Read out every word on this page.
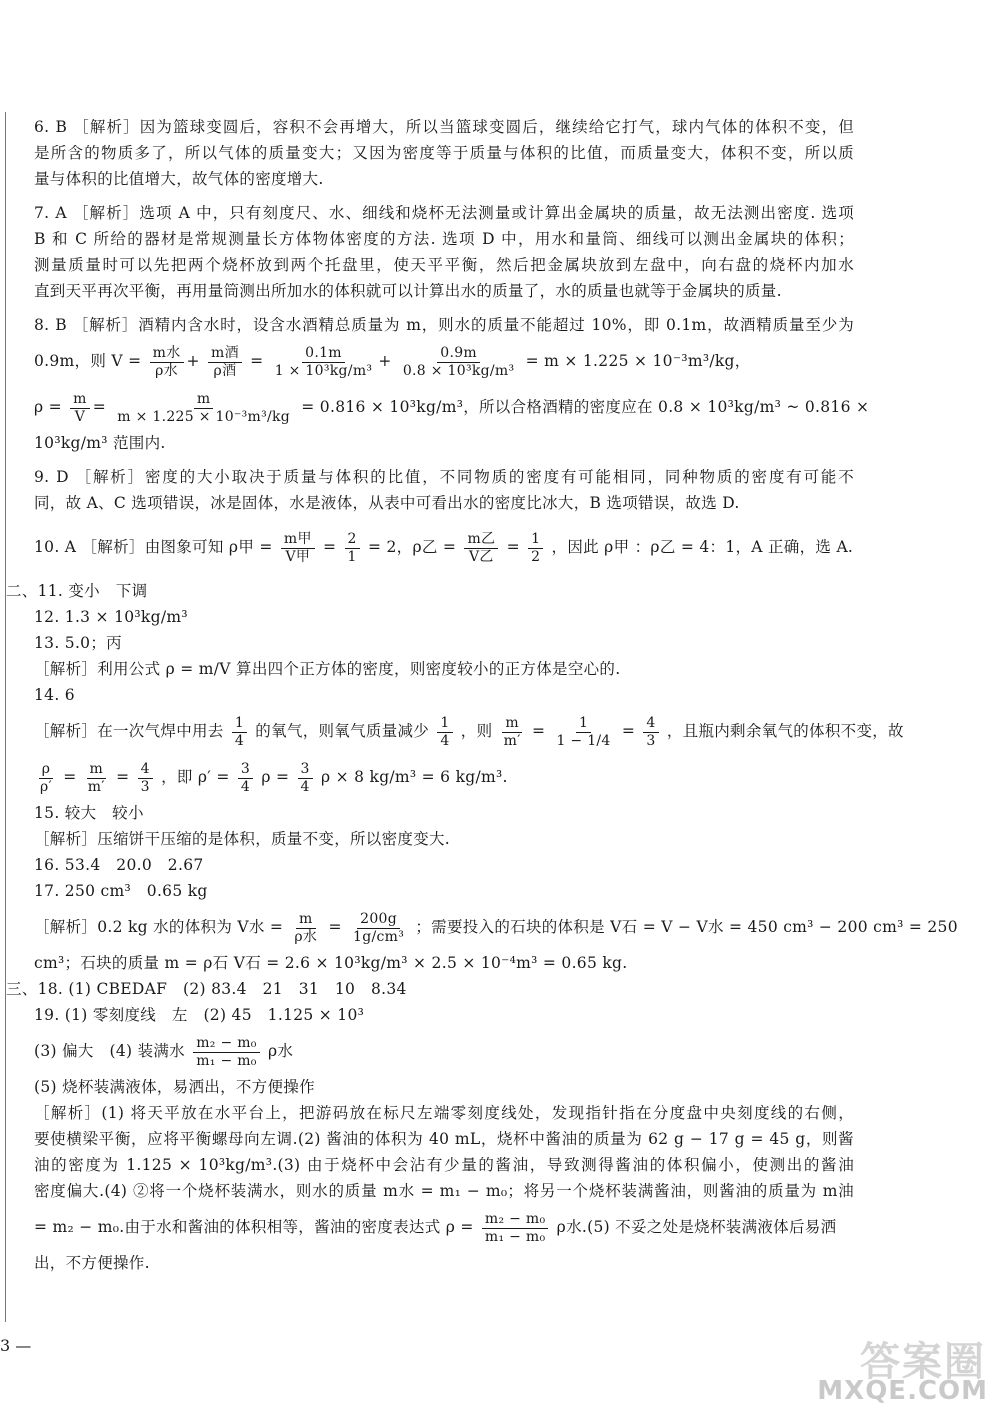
6. B ［解析］因为篮球变圆后，容积不会再增大，所以当篮球变圆后，继续给它打气，球内气体的体积不变，但

是所含的物质多了，所以气体的质量变大；又因为密度等于质量与体积的比值，而质量变大，体积不变，所以质

量与体积的比值增大，故气体的密度增大.

7. A ［解析］选项 A 中，只有刻度尺、水、细线和烧杯无法测量或计算出金属块的质量，故无法测出密度. 选项

B 和 C 所给的器材是常规测量长方体物体密度的方法. 选项 D 中，用水和量筒、细线可以测出金属块的体积；

测量质量时可以先把两个烧杯放到两个托盘里，使天平平衡，然后把金属块放到左盘中，向右盘的烧杯内加水

直到天平再次平衡，再用量筒测出所加水的体积就可以计算出水的质量了，水的质量也就等于金属块的质量.

8. B ［解析］酒精内含水时，设含水酒精总质量为 m，则水的质量不能超过 10%，即 0.1m，故酒精质量至少为

0.9m，则 $V = \frac{\text{m水}}{\text{ρ水}} + \frac{\text{m酒}}{\text{ρ酒}} = \frac{0.1m}{\text{1 × 10³kg/m³}} + \frac{0.9m}{\text{0.8 × 10³kg/m³}} = m \times 1.225 \times 10^{-3}m^3/kg$，

$\rho = \frac{m}{V} = \frac{m}{\text{m × 1.225 × 10⁻³m³/kg}} = 0.816 \times 10^3kg/m^3$，所以合格酒精的密度应在 0.8 × 10³kg/m³ ~ 0.816 ×

10³kg/m³ 范围内.

9. D ［解析］密度的大小取决于质量与体积的比值，不同物质的密度有可能相同，同种物质的密度有可能不

同，故 A、C 选项错误，冰是固体，水是液体，从表中可看出水的密度比冰大，B 选项错误，故选 D.

10. A ［解析］由图象可知 ρ甲 = $\frac{\text{m甲}}{\text{V甲}} = \frac{2}{1} = 2$，ρ乙 = $\frac{\text{m乙}}{\text{V乙}} = \frac{1}{2}$ ，因此 ρ甲 ：ρ乙 = 4：1，A 正确，选 A.

二、11. 变小　下调

12. 1.3 × 10³kg/m³

13. 5.0；丙

［解析］利用公式 ρ = m/V 算出四个正方体的密度，则密度较小的正方体是空心的.

14. 6

［解析］在一次气焊中用去 $\frac{1}{4}$ 的氧气，则氧气质量减少 $\frac{1}{4}$ ，则 $\frac{m}{m'} = \frac{1}{1 - 1/4} = \frac{4}{3}$ ，且瓶内剩余氧气的体积不变，故

$\frac{\rho}{\rho'} = \frac{m}{m'} = \frac{4}{3}$ ，即 $\rho' = \frac{3}{4}$ $\rho = \frac{3}{4}$ ρ × 8 kg/m³ = 6 kg/m³.

15. 较大　较小

［解析］压缩饼干压缩的是体积，质量不变，所以密度变大.

16. 53.4　20.0　2.67

17. 250 cm³　0.65 kg

［解析］0.2 kg 水的体积为 V水 = $\frac{m}{\text{ρ水}} = \frac{200g}{\text{1g/cm³}}$ ；需要投入的石块的体积是 V石 = V − V水 = 450 cm³ − 200 cm³ = 250

cm³；石块的质量 m = ρ石 V石 = 2.6 × 10³kg/m³ × 2.5 × 10⁻⁴m³ = 0.65 kg.

三、18. (1) CBEDAF　(2) 83.4　21　31　10　8.34

19. (1) 零刻度线　左　(2) 45　1.125 × 10³

(3) 偏大　(4) 装满水 $\frac{\text{m₂ − m₀}}{\text{m₁ − m₀}}$ ρ水

(5) 烧杯装满液体，易洒出，不方便操作

［解析］(1) 将天平放在水平台上，把游码放在标尺左端零刻度线处，发现指针指在分度盘中央刻度线的右侧，

要使横梁平衡，应将平衡螺母向左调.(2) 酱油的体积为 40 mL，烧杯中酱油的质量为 62 g − 17 g = 45 g，则酱

油的密度为 1.125 × 10³kg/m³.(3) 由于烧杯中会沾有少量的酱油，导致测得酱油的体积偏小，使测出的酱油

密度偏大.(4) ②将一个烧杯装满水，则水的质量 m水 = m₁ − m₀；将另一个烧杯装满酱油，则酱油的质量为 m油

= m₂ − m₀.由于水和酱油的体积相等，酱油的密度表达式 $\rho = \frac{\text{m₂ − m₀}}{\text{m₁ − m₀}}$ ρ水.(5) 不妥之处是烧杯装满液体后易洒

出，不方便操作.

3 —	答案圈
MXQE.COM
